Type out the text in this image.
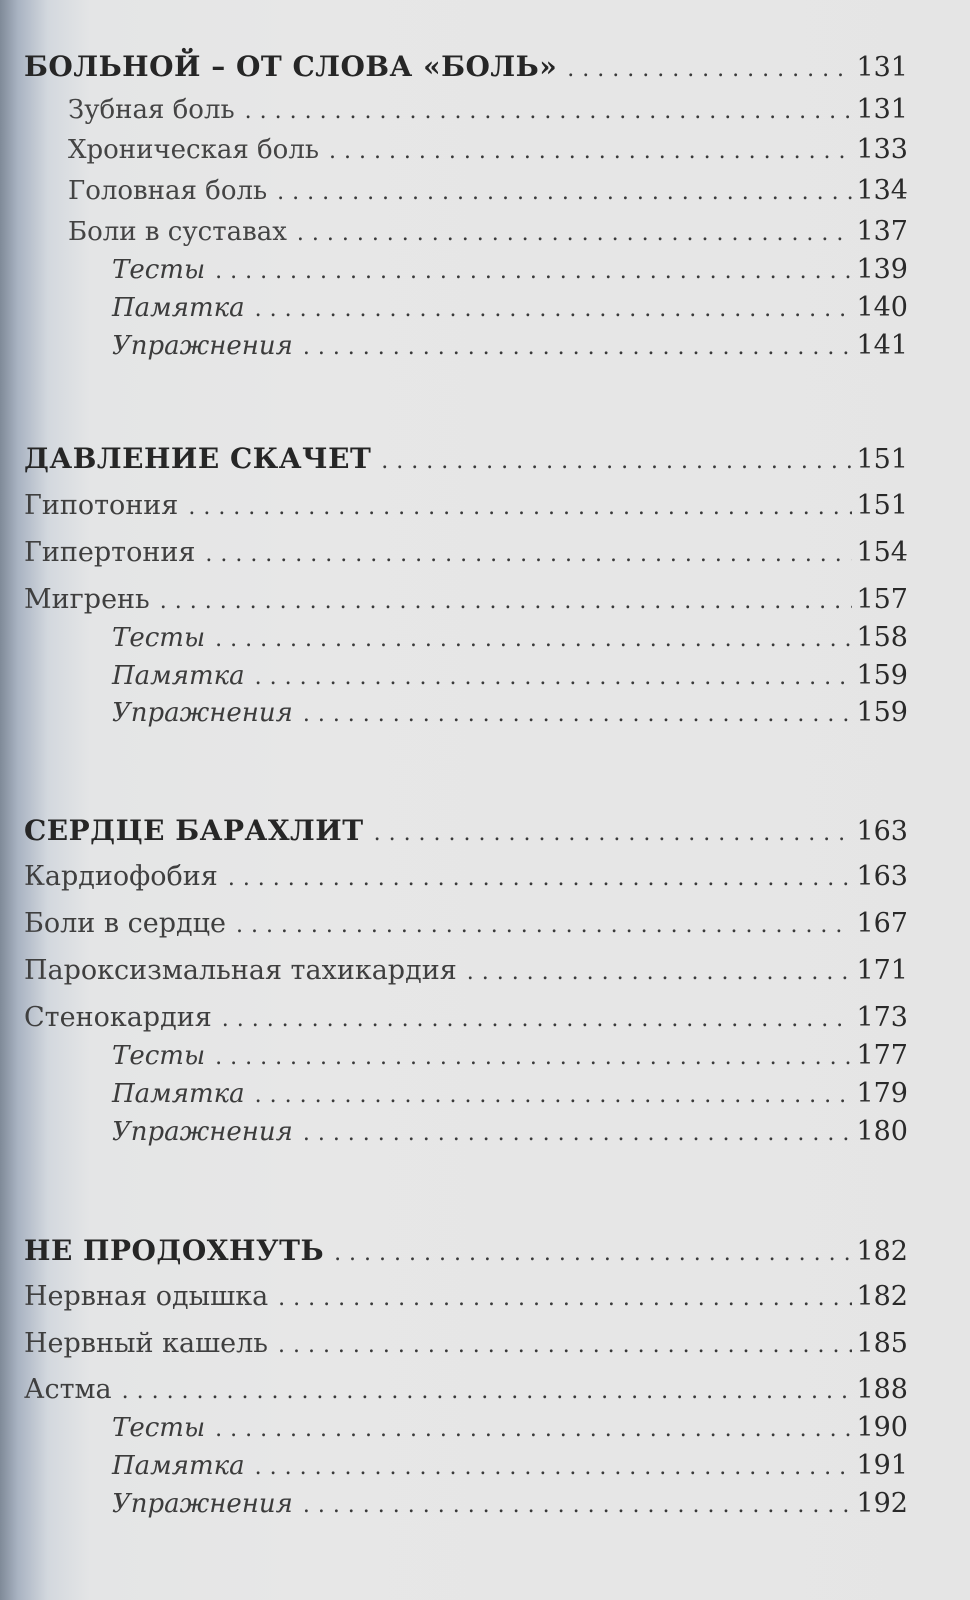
БОЛЬНОЙ – ОТ СЛОВА «БОЛЬ» . . .	131
Зубная боль . . .	131
Хроническая боль . . .	133
Головная боль . . .	134
Боли в суставах . . .	137
Тесты . . .	139
Памятка . . .	140
Упражнения . . .	141
ДАВЛЕНИЕ СКАЧЕТ . . .	151
Гипотония . . .	151
Гипертония . . .	154
Мигрень . . .	157
Тесты . . .	158
Памятка . . .	159
Упражнения . . .	159
СЕРДЦЕ БАРАХЛИТ . . .	163
Кардиофобия . . .	163
Боли в сердце . . .	167
Пароксизмальная тахикардия . . .	171
Стенокардия . . .	173
Тесты . . .	177
Памятка . . .	179
Упражнения . . .	180
НЕ ПРОДОХНУТЬ . . .	182
Нервная одышка . . .	182
Нервный кашель . . .	185
Астма . . .	188
Тесты . . .	190
Памятка . . .	191
Упражнения . . .	192
